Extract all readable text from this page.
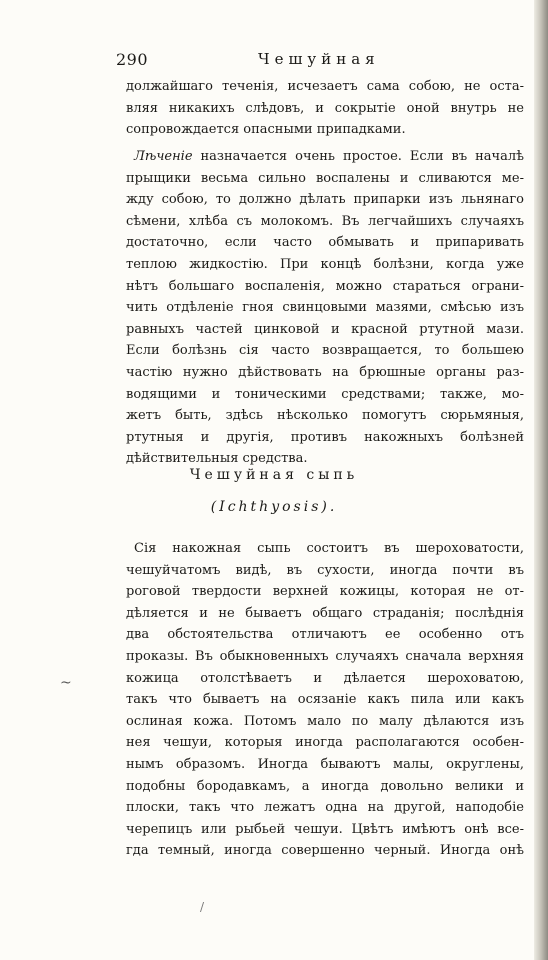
290	Чешуйная
должайшаго теченія, исчезаетъ сама собою, не оста-
вляя никакихъ слѣдовъ, и сокрытіе оной внутрь не
сопровождается опасными припадками.
Лѣченіе назначается очень простое. Если въ началѣ
прыщики весьма сильно воспалены и сливаются ме-
жду собою, то должно дѣлать припарки изъ льнянаго
сѣмени, хлѣба съ молокомъ. Въ легчайшихъ случаяхъ
достаточно, если часто обмывать и припаривать
теплою жидкостію. При концѣ болѣзни, когда уже
нѣтъ большаго воспаленія, можно стараться ограни-
чить отдѣленіе гноя свинцовыми мазями, смѣсью изъ
равныхъ частей цинковой и красной ртутной мази.
Если болѣзнь сія часто возвращается, то большею
частію нужно дѣйствовать на брюшные органы раз-
водящими и тоническими средствами; также, мо-
жетъ быть, здѣсь нѣсколько помогутъ сюрьмяныя,
ртутныя и другія, противъ накожныхъ болѣзней
дѣйствительныя средства.
Чешуйная сыпь
(Ichthyosis).
Сія накожная сыпь состоитъ въ шероховатости,
чешуйчатомъ видѣ, въ сухости, иногда почти въ
роговой твердости верхней кожицы, которая не от-
дѣляется и не бываетъ общаго страданія; послѣднія
два обстоятельства отличаютъ ее особенно отъ
проказы. Въ обыкновенныхъ случаяхъ сначала верхняя
кожица отолстѣваетъ и дѣлается шероховатою,
такъ что бываетъ на осязаніе какъ пила или какъ
ослиная кожа. Потомъ мало по малу дѣлаются изъ
нея чешуи, которыя иногда располагаются особен-
нымъ образомъ. Иногда бываютъ малы, округлены,
подобны бородавкамъ, а иногда довольно велики и
плоски, такъ что лежатъ одна на другой, наподобіе
черепицъ или рыбьей чешуи. Цвѣтъ имѣютъ онѣ все-
гда темный, иногда совершенно черный. Иногда онѣ
~
/
